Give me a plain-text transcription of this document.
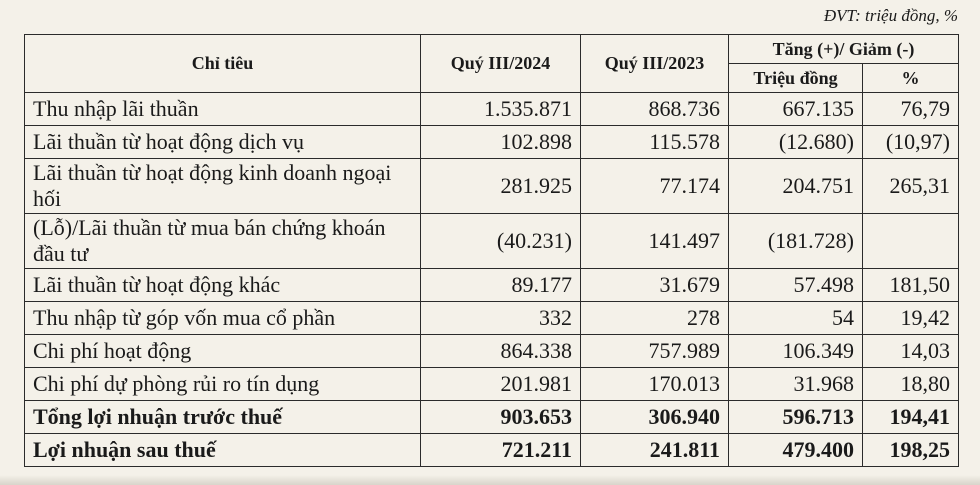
ĐVT: triệu đồng, %
Chỉ tiêu	Quý III/2024	Quý III/2023	Tăng (+)/ Giảm (-)	
			Triệu đồng	%
Thu nhập lãi thuần	1.535.871	868.736	667.135	76,79
Lãi thuần từ hoạt động dịch vụ	102.898	115.578	(12.680)	(10,97)
Lãi thuần từ hoạt động kinh doanh ngoại hối	281.925	77.174	204.751	265,31
(Lỗ)/Lãi thuần từ mua bán chứng khoán đầu tư	(40.231)	141.497	(181.728)	
Lãi thuần từ hoạt động khác	89.177	31.679	57.498	181,50
Thu nhập từ góp vốn mua cổ phần	332	278	54	19,42
Chi phí hoạt động	864.338	757.989	106.349	14,03
Chi phí dự phòng rủi ro tín dụng	201.981	170.013	31.968	18,80
Tổng lợi nhuận trước thuế	903.653	306.940	596.713	194,41
Lợi nhuận sau thuế	721.211	241.811	479.400	198,25
